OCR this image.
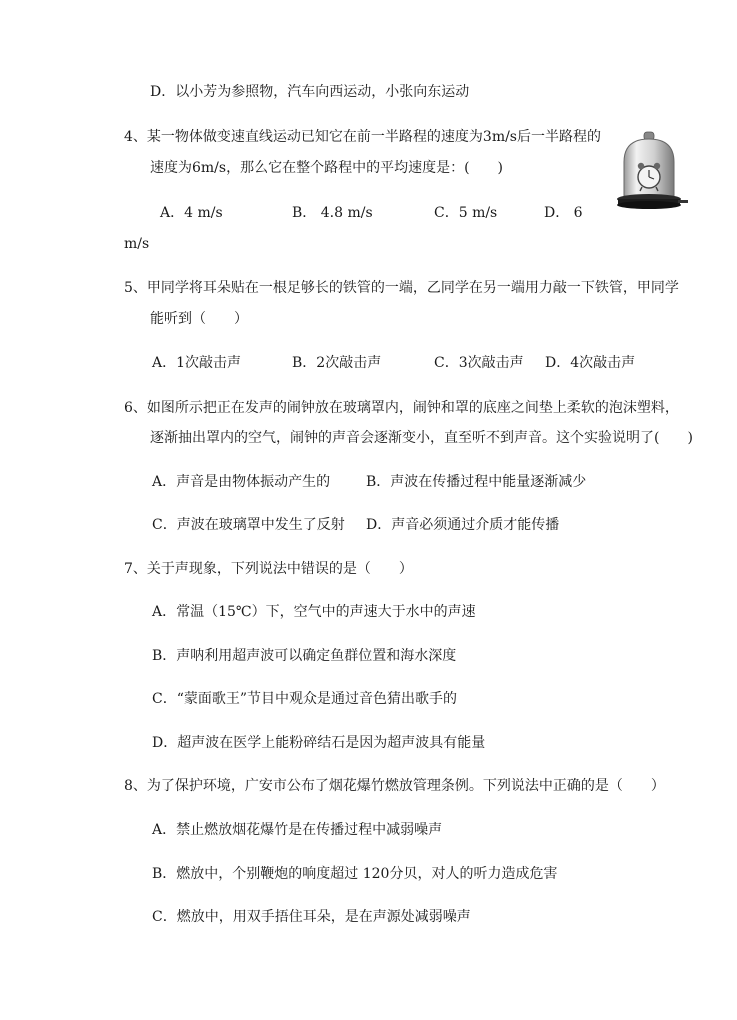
D．以小芳为参照物，汽车向西运动，小张向东运动
4、某一物体做变速直线运动已知它在前一半路程的速度为3m/s后一半路程的
速度为6m/s，那么它在整个路程中的平均速度是：(　　)
A．4 m/s	B． 4.8 m/s	C．5 m/s	D． 6
m/s
5、甲同学将耳朵贴在一根足够长的铁管的一端，乙同学在另一端用力敲一下铁管，甲同学
能听到（　　）
A．1次敲击声	B．2次敲击声	C．3次敲击声 D．4次敲击声
6、如图所示把正在发声的闹钟放在玻璃罩内，闹钟和罩的底座之间垫上柔软的泡沫塑料，
逐渐抽出罩内的空气，闹钟的声音会逐渐变小，直至听不到声音。这个实验说明了(　　)
A．声音是由物体振动产生的	B．声波在传播过程中能量逐渐减少
C．声波在玻璃罩中发生了反射 D．声音必须通过介质才能传播
7、关于声现象，下列说法中错误的是（　　）
A．常温（15℃）下，空气中的声速大于水中的声速
B．声呐利用超声波可以确定鱼群位置和海水深度
C．“蒙面歌王”节目中观众是通过音色猜出歌手的
D．超声波在医学上能粉碎结石是因为超声波具有能量
8、为了保护环境，广安市公布了烟花爆竹燃放管理条例。下列说法中正确的是（　　）
A．禁止燃放烟花爆竹是在传播过程中减弱噪声
B．燃放中，个别鞭炮的响度超过 120分贝，对人的听力造成危害
C．燃放中，用双手捂住耳朵，是在声源处减弱噪声
